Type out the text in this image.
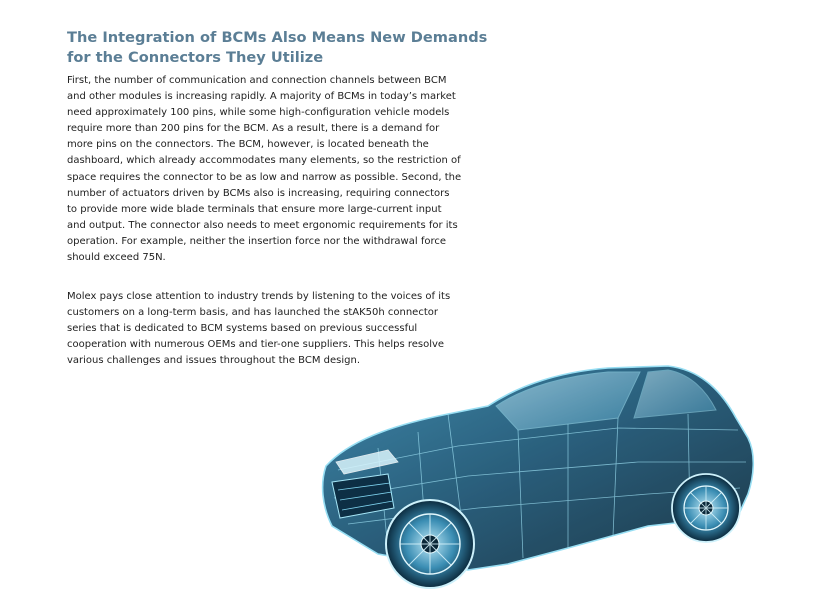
The Integration of BCMs Also Means New Demands
for the Connectors They Utilize

First, the number of communication and connection channels between BCM
and other modules is increasing rapidly. A majority of BCMs in today’s market
need approximately 100 pins, while some high-configuration vehicle models
require more than 200 pins for the BCM. As a result, there is a demand for
more pins on the connectors. The BCM, however, is located beneath the
dashboard, which already accommodates many elements, so the restriction of
space requires the connector to be as low and narrow as possible. Second, the
number of actuators driven by BCMs also is increasing, requiring connectors
to provide more wide blade terminals that ensure more large-current input
and output. The connector also needs to meet ergonomic requirements for its
operation. For example, neither the insertion force nor the withdrawal force
should exceed 75N.

Molex pays close attention to industry trends by listening to the voices of its
customers on a long-term basis, and has launched the stAK50h connector
series that is dedicated to BCM systems based on previous successful
cooperation with numerous OEMs and tier-one suppliers. This helps resolve
various challenges and issues throughout the BCM design.
